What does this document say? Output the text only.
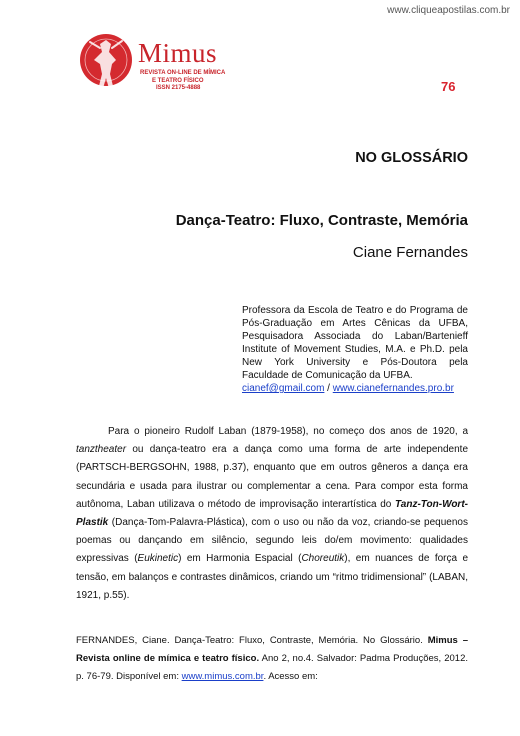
www.cliqueapostilas.com.br
Mimus
REVISTA ON-LINE DE MÍMICA
E TEATRO FÍSICO
ISSN 2175-4888	76
NO GLOSSÁRIO
Dança-Teatro: Fluxo, Contraste, Memória
Ciane Fernandes
Professora da Escola de Teatro e do Programa de Pós-Graduação em Artes Cênicas da UFBA, Pesquisadora Associada do Laban/Bartenieff Institute of Movement Studies, M.A. e Ph.D. pela New York University e Pós-Doutora pela Faculdade de Comunicação da UFBA.
cianef@gmail.com / www.cianefernandes.pro.br

Para o pioneiro Rudolf Laban (1879-1958), no começo dos anos de 1920, a tanztheater ou dança-teatro era a dança como uma forma de arte independente (PARTSCH-BERGSOHN, 1988, p.37), enquanto que em outros gêneros a dança era secundária e usada para ilustrar ou complementar a cena. Para compor esta forma autônoma, Laban utilizava o método de improvisação interartística do Tanz-Ton-Wort-Plastik (Dança-Tom-Palavra-Plástica), com o uso ou não da voz, criando-se pequenos poemas ou dançando em silêncio, segundo leis do/em movimento: qualidades expressivas (Eukinetic) em Harmonia Espacial (Choreutik), em nuances de força e tensão, em balanços e contrastes dinâmicos, criando um “ritmo tridimensional” (LABAN, 1921, p.55).

FERNANDES, Ciane. Dança-Teatro: Fluxo, Contraste, Memória. No Glossário. Mimus – Revista online de mímica e teatro físico. Ano 2, no.4. Salvador: Padma Produções, 2012. p. 76-79. Disponível em: www.mimus.com.br. Acesso em:
